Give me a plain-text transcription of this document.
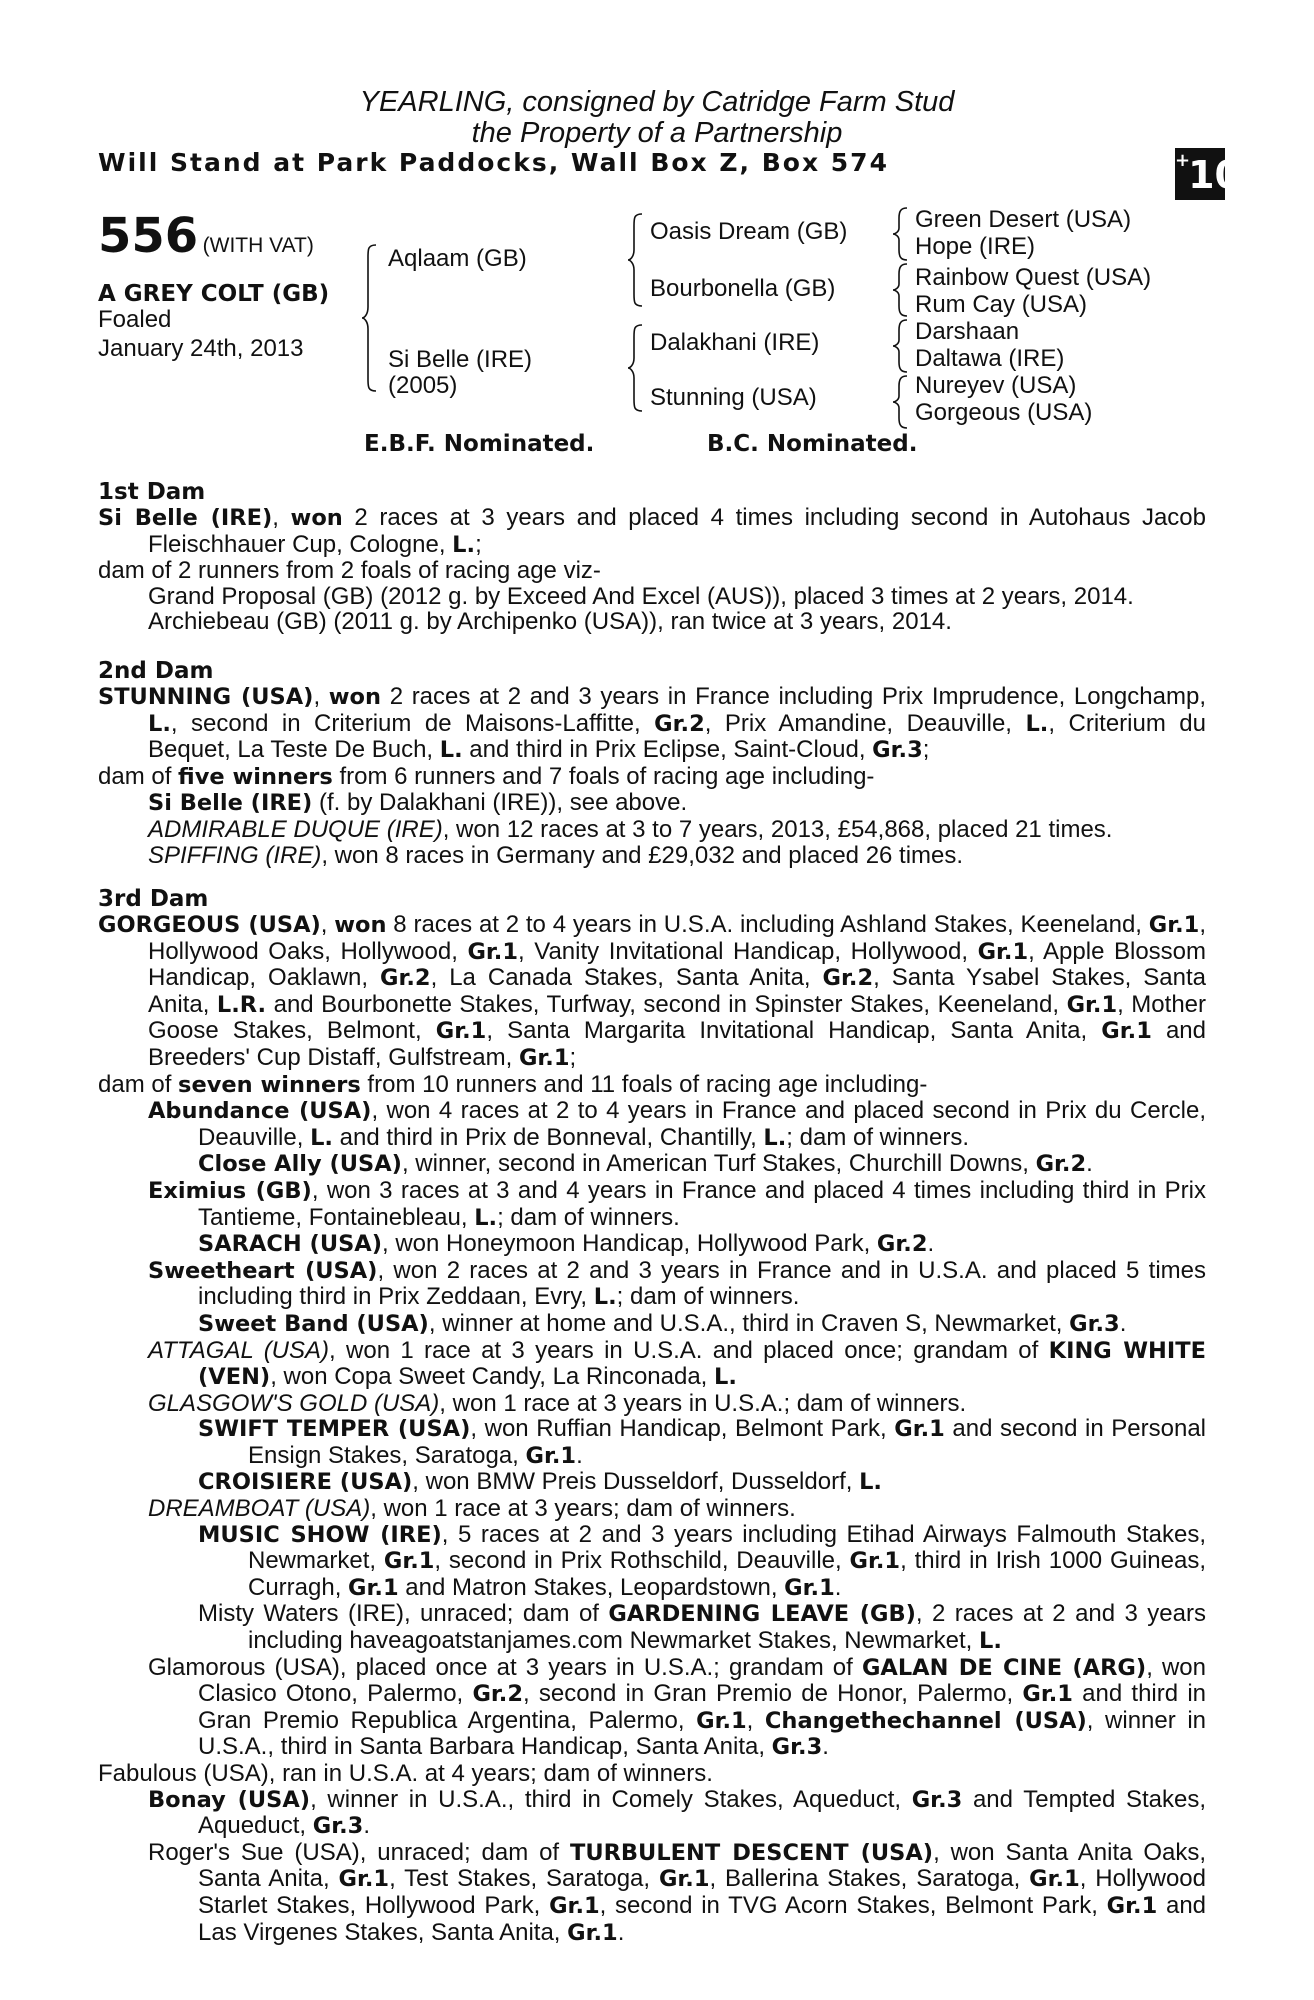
YEARLING, consigned by Catridge Farm Stud
the Property of a Partnership
Will Stand at Park Paddocks, Wall Box Z, Box 574	+10
556 (WITH VAT)
A GREY COLT (GB)
Foaled
January 24th, 2013
Aqlaam (GB)
Si Belle (IRE)
(2005)
Oasis Dream (GB)
Bourbonella (GB)
Dalakhani (IRE)
Stunning (USA)
Green Desert (USA)
Hope (IRE)
Rainbow Quest (USA)
Rum Cay (USA)
Darshaan
Daltawa (IRE)
Nureyev (USA)
Gorgeous (USA)
E.B.F. Nominated.	B.C. Nominated.
1st Dam
Si Belle (IRE), won 2 races at 3 years and placed 4 times including second in Autohaus Jacob Fleischhauer Cup, Cologne, L.;
dam of 2 runners from 2 foals of racing age viz-
Grand Proposal (GB) (2012 g. by Exceed And Excel (AUS)), placed 3 times at 2 years, 2014.
Archiebeau (GB) (2011 g. by Archipenko (USA)), ran twice at 3 years, 2014.
2nd Dam
STUNNING (USA), won 2 races at 2 and 3 years in France including Prix Imprudence, Longchamp, L., second in Criterium de Maisons-Laffitte, Gr.2, Prix Amandine, Deauville, L., Criterium du Bequet, La Teste De Buch, L. and third in Prix Eclipse, Saint-Cloud, Gr.3;
dam of five winners from 6 runners and 7 foals of racing age including-
Si Belle (IRE) (f. by Dalakhani (IRE)), see above.
ADMIRABLE DUQUE (IRE), won 12 races at 3 to 7 years, 2013, £54,868, placed 21 times.
SPIFFING (IRE), won 8 races in Germany and £29,032 and placed 26 times.
3rd Dam
GORGEOUS (USA), won 8 races at 2 to 4 years in U.S.A. including Ashland Stakes, Keeneland, Gr.1, Hollywood Oaks, Hollywood, Gr.1, Vanity Invitational Handicap, Hollywood, Gr.1, Apple Blossom Handicap, Oaklawn, Gr.2, La Canada Stakes, Santa Anita, Gr.2, Santa Ysabel Stakes, Santa Anita, L.R. and Bourbonette Stakes, Turfway, second in Spinster Stakes, Keeneland, Gr.1, Mother Goose Stakes, Belmont, Gr.1, Santa Margarita Invitational Handicap, Santa Anita, Gr.1 and Breeders' Cup Distaff, Gulfstream, Gr.1;
dam of seven winners from 10 runners and 11 foals of racing age including-
Abundance (USA), won 4 races at 2 to 4 years in France and placed second in Prix du Cercle, Deauville, L. and third in Prix de Bonneval, Chantilly, L.; dam of winners.
Close Ally (USA), winner, second in American Turf Stakes, Churchill Downs, Gr.2.
Eximius (GB), won 3 races at 3 and 4 years in France and placed 4 times including third in Prix Tantieme, Fontainebleau, L.; dam of winners.
SARACH (USA), won Honeymoon Handicap, Hollywood Park, Gr.2.
Sweetheart (USA), won 2 races at 2 and 3 years in France and in U.S.A. and placed 5 times including third in Prix Zeddaan, Evry, L.; dam of winners.
Sweet Band (USA), winner at home and U.S.A., third in Craven S, Newmarket, Gr.3.
ATTAGAL (USA), won 1 race at 3 years in U.S.A. and placed once; grandam of KING WHITE (VEN), won Copa Sweet Candy, La Rinconada, L.
GLASGOW'S GOLD (USA), won 1 race at 3 years in U.S.A.; dam of winners.
SWIFT TEMPER (USA), won Ruffian Handicap, Belmont Park, Gr.1 and second in Personal Ensign Stakes, Saratoga, Gr.1.
CROISIERE (USA), won BMW Preis Dusseldorf, Dusseldorf, L.
DREAMBOAT (USA), won 1 race at 3 years; dam of winners.
MUSIC SHOW (IRE), 5 races at 2 and 3 years including Etihad Airways Falmouth Stakes, Newmarket, Gr.1, second in Prix Rothschild, Deauville, Gr.1, third in Irish 1000 Guineas, Curragh, Gr.1 and Matron Stakes, Leopardstown, Gr.1.
Misty Waters (IRE), unraced; dam of GARDENING LEAVE (GB), 2 races at 2 and 3 years including haveagoatstanjames.com Newmarket Stakes, Newmarket, L.
Glamorous (USA), placed once at 3 years in U.S.A.; grandam of GALAN DE CINE (ARG), won Clasico Otono, Palermo, Gr.2, second in Gran Premio de Honor, Palermo, Gr.1 and third in Gran Premio Republica Argentina, Palermo, Gr.1, Changethechannel (USA), winner in U.S.A., third in Santa Barbara Handicap, Santa Anita, Gr.3.
Fabulous (USA), ran in U.S.A. at 4 years; dam of winners.
Bonay (USA), winner in U.S.A., third in Comely Stakes, Aqueduct, Gr.3 and Tempted Stakes, Aqueduct, Gr.3.
Roger's Sue (USA), unraced; dam of TURBULENT DESCENT (USA), won Santa Anita Oaks, Santa Anita, Gr.1, Test Stakes, Saratoga, Gr.1, Ballerina Stakes, Saratoga, Gr.1, Hollywood Starlet Stakes, Hollywood Park, Gr.1, second in TVG Acorn Stakes, Belmont Park, Gr.1 and Las Virgenes Stakes, Santa Anita, Gr.1.
